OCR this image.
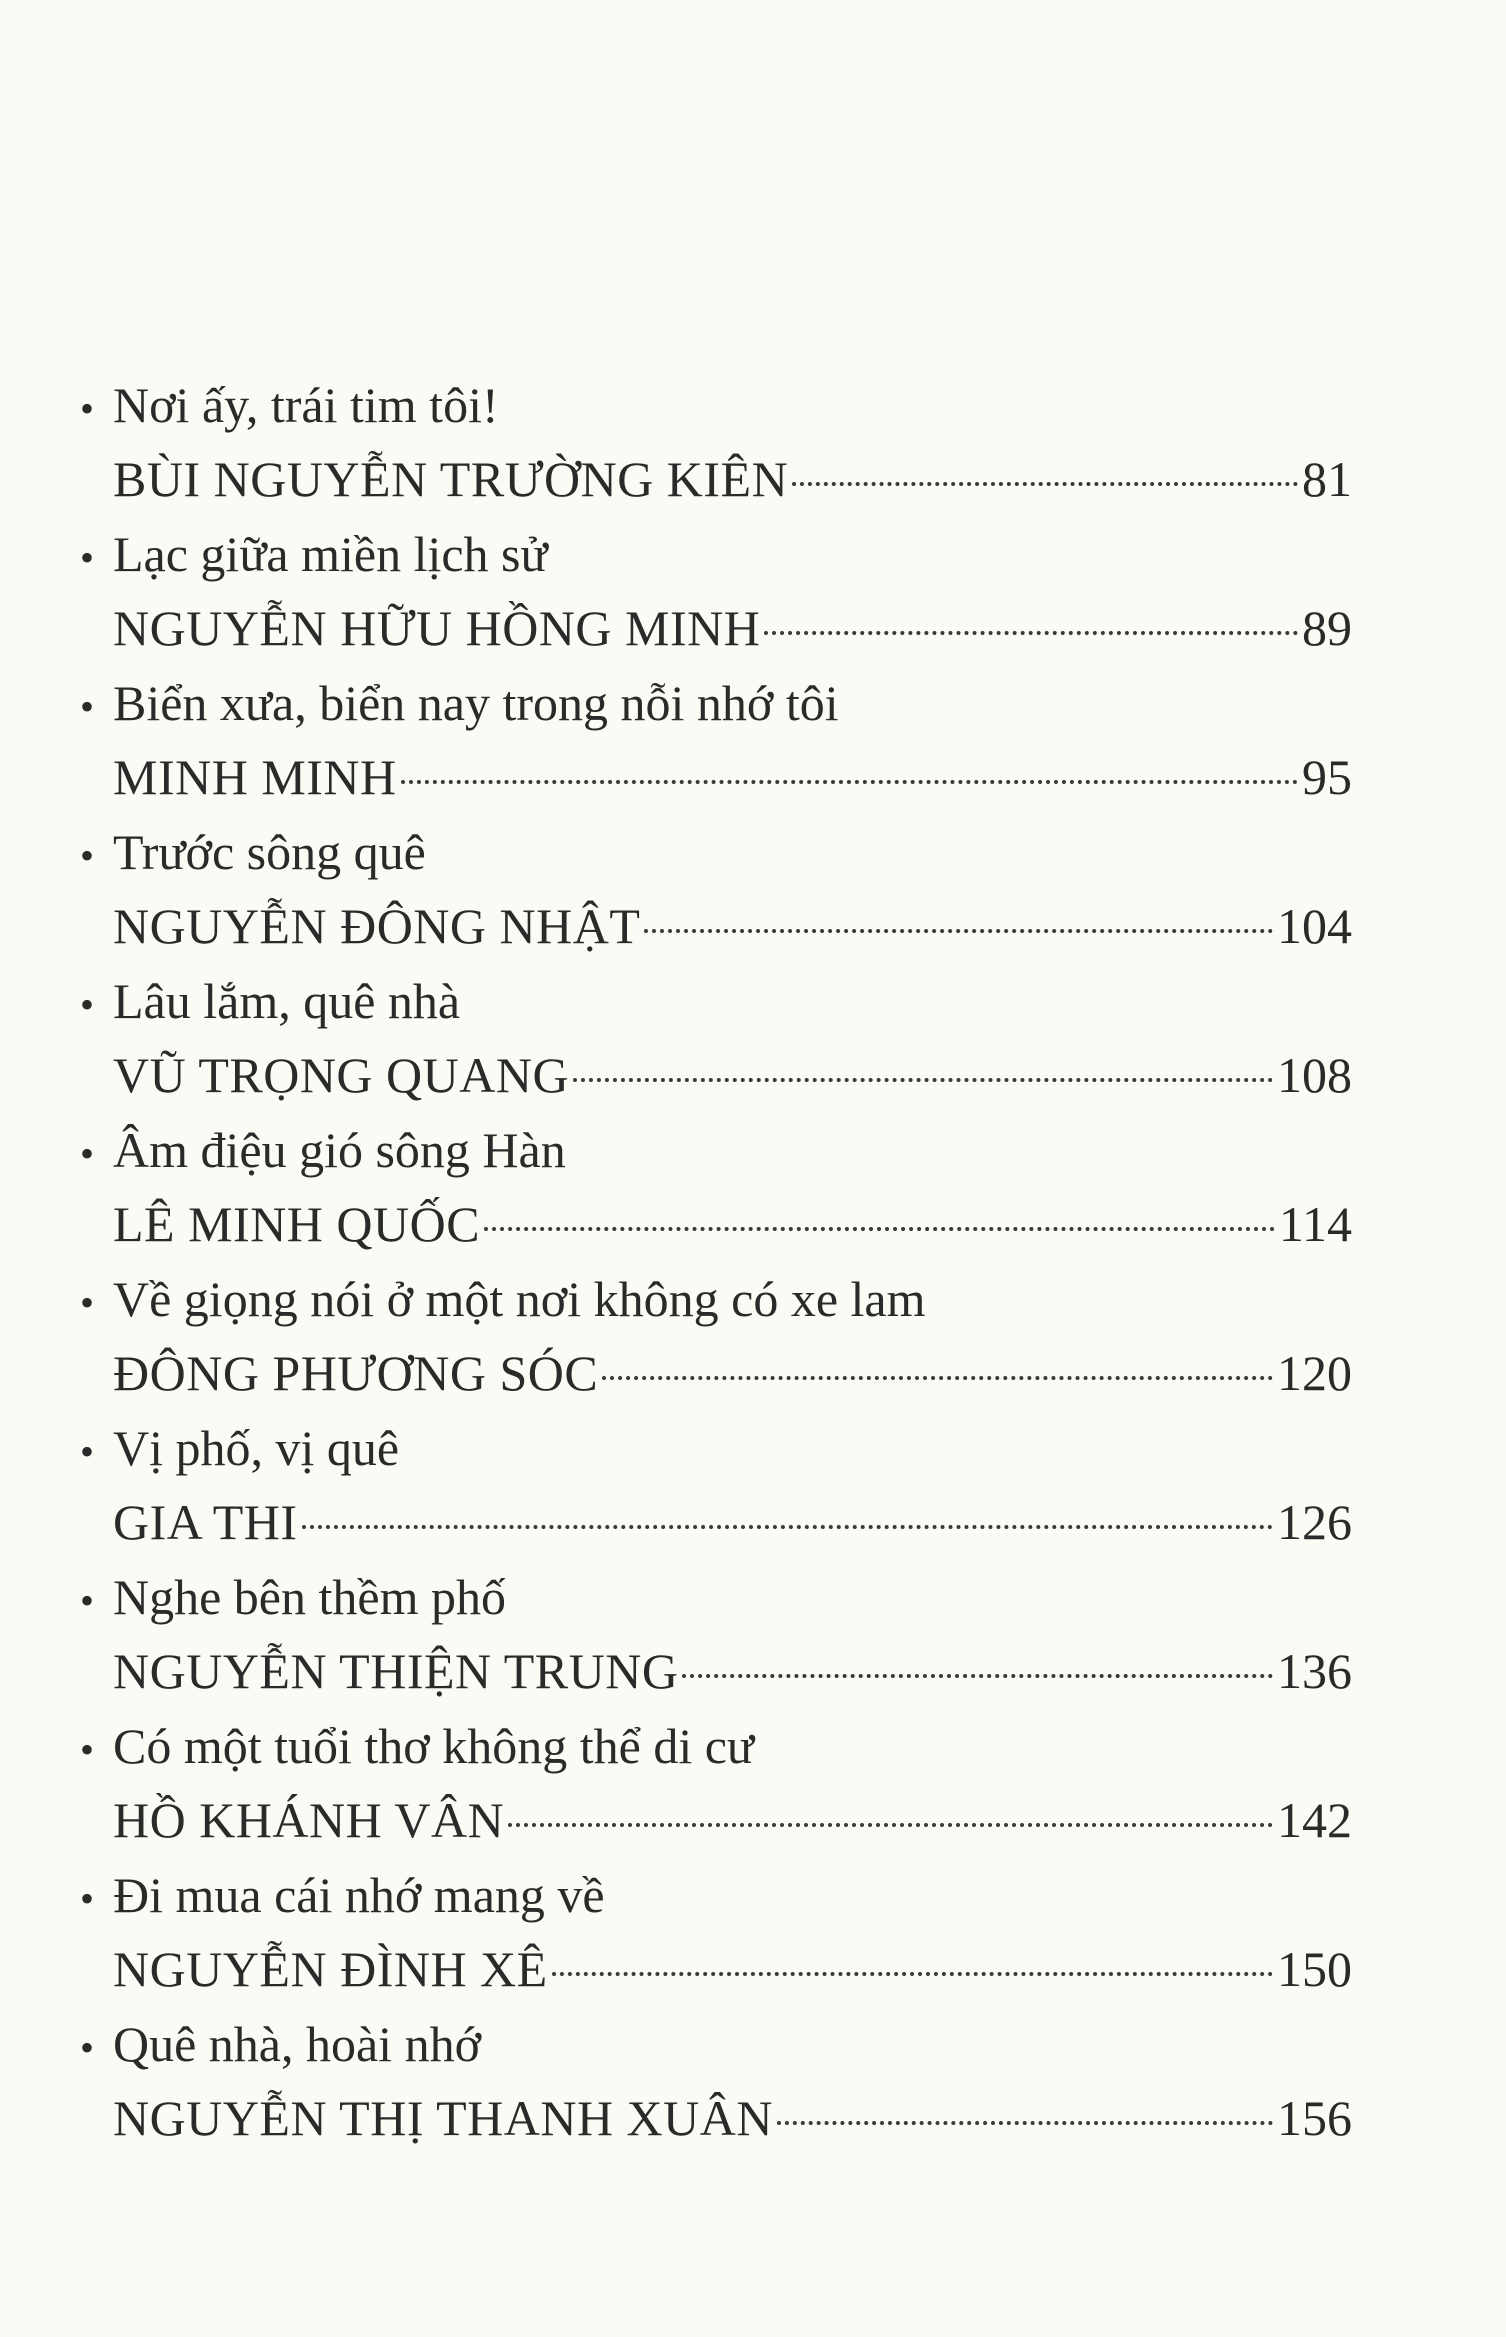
• Nơi ấy, trái tim tôi!
BÙI NGUYỄN TRƯỜNG KIÊN	81
• Lạc giữa miền lịch sử
NGUYỄN HỮU HỒNG MINH	89
• Biển xưa, biển nay trong nỗi nhớ tôi
MINH MINH	95
• Trước sông quê
NGUYỄN ĐÔNG NHẬT	104
• Lâu lắm, quê nhà
VŨ TRỌNG QUANG	108
• Âm điệu gió sông Hàn
LÊ MINH QUỐC	114
• Về giọng nói ở một nơi không có xe lam
ĐÔNG PHƯƠNG SÓC	120
• Vị phố, vị quê
GIA THI	126
• Nghe bên thềm phố
NGUYỄN THIỆN TRUNG	136
• Có một tuổi thơ không thể di cư
HỒ KHÁNH VÂN	142
• Đi mua cái nhớ mang về
NGUYỄN ĐÌNH XÊ	150
• Quê nhà, hoài nhớ
NGUYỄN THỊ THANH XUÂN	156
